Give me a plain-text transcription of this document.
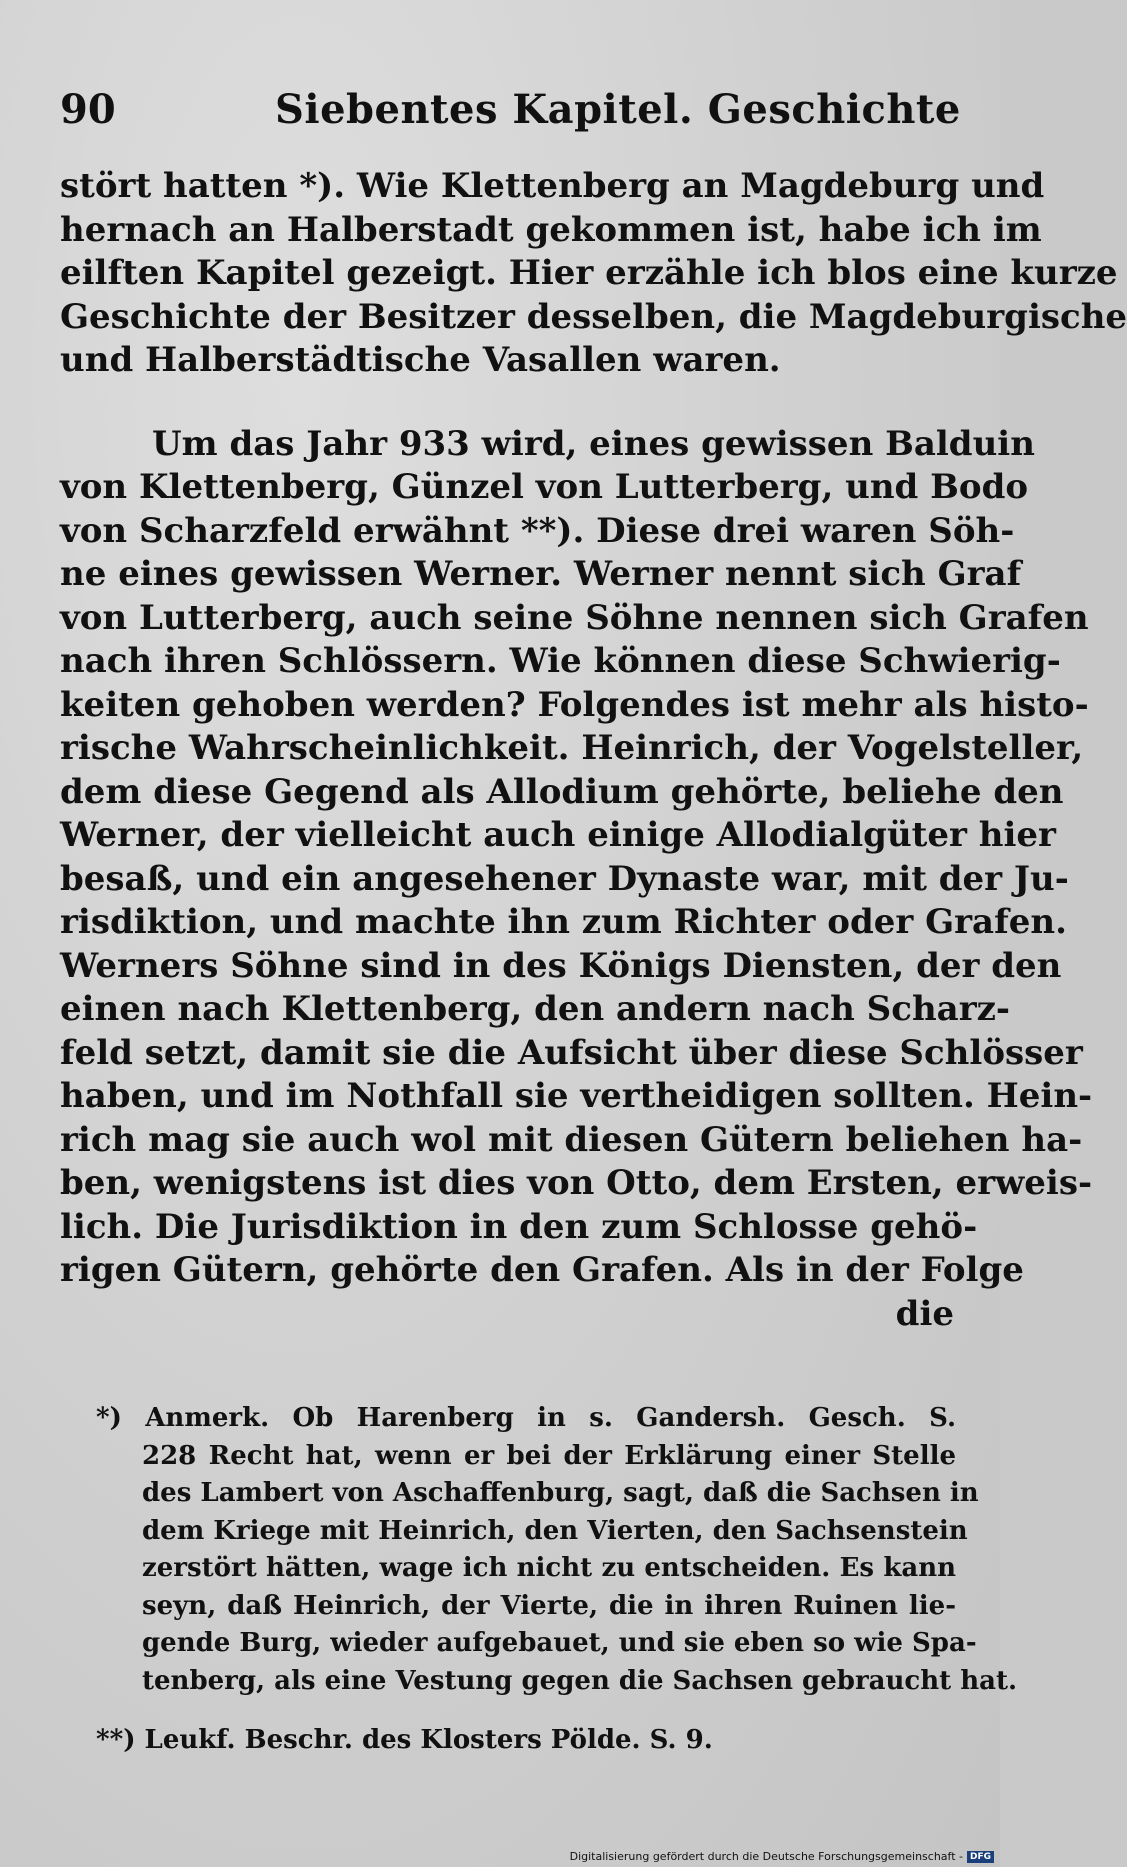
90	Siebentes Kapitel. Geschichte
stört hatten *). Wie Klettenberg an Magdeburg und
hernach an Halberstadt gekommen ist, habe ich im
eilften Kapitel gezeigt. Hier erzähle ich blos eine kurze
Geschichte der Besitzer desselben, die Magdeburgische
und Halberstädtische Vasallen waren.
Um das Jahr 933 wird, eines gewissen Balduin
von Klettenberg, Günzel von Lutterberg, und Bodo
von Scharzfeld erwähnt **). Diese drei waren Söh-
ne eines gewissen Werner. Werner nennt sich Graf
von Lutterberg, auch seine Söhne nennen sich Grafen
nach ihren Schlössern. Wie können diese Schwierig-
keiten gehoben werden? Folgendes ist mehr als histo-
rische Wahrscheinlichkeit. Heinrich, der Vogelsteller,
dem diese Gegend als Allodium gehörte, beliehe den
Werner, der vielleicht auch einige Allodialgüter hier
besaß, und ein angesehener Dynaste war, mit der Ju-
risdiktion, und machte ihn zum Richter oder Grafen.
Werners Söhne sind in des Königs Diensten, der den
einen nach Klettenberg, den andern nach Scharz-
feld setzt, damit sie die Aufsicht über diese Schlösser
haben, und im Nothfall sie vertheidigen sollten. Hein-
rich mag sie auch wol mit diesen Gütern beliehen ha-
ben, wenigstens ist dies von Otto, dem Ersten, erweis-
lich. Die Jurisdiktion in den zum Schlosse gehö-
rigen Gütern, gehörte den Grafen. Als in der Folge
die
*) Anmerk. Ob Harenberg in s. Gandersh. Gesch. S.
228 Recht hat, wenn er bei der Erklärung einer Stelle
des Lambert von Aschaffenburg, sagt, daß die Sachsen in
dem Kriege mit Heinrich, den Vierten, den Sachsenstein
zerstört hätten, wage ich nicht zu entscheiden. Es kann
seyn, daß Heinrich, der Vierte, die in ihren Ruinen lie-
gende Burg, wieder aufgebauet, und sie eben so wie Spa-
tenberg, als eine Vestung gegen die Sachsen gebraucht hat.
**) Leukf. Beschr. des Klosters Pölde. S. 9.
Digitalisierung gefördert durch die Deutsche Forschungsgemeinschaft - DFG
